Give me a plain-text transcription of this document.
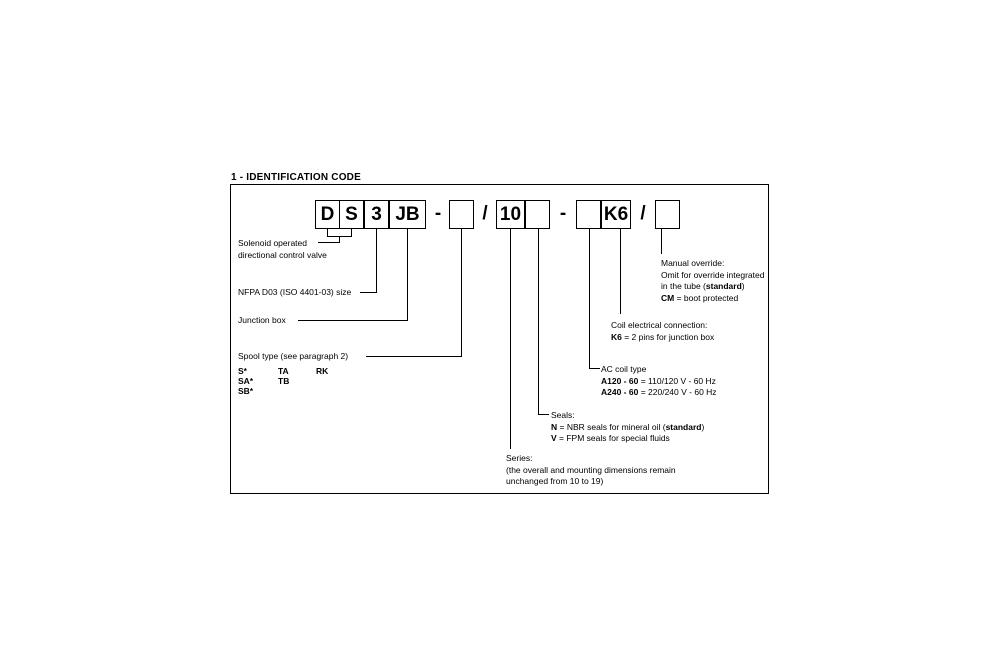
1 - IDENTIFICATION CODE
D S 3 JB -	/ 10	-	K6 /
Solenoid operated
directional control valve
NFPA D03 (ISO 4401-03) size
Junction box
Spool type (see paragraph 2)
S*
SA*
SB*
TA
TB
RK
Series:
(the overall and mounting dimensions remain
unchanged from 10 to 19)
Seals:
N = NBR seals for mineral oil (standard)
V = FPM seals for special fluids
AC coil type
A120 - 60 = 110/120 V - 60 Hz
A240 - 60 = 220/240 V - 60 Hz
Coil electrical connection:
K6 = 2 pins for junction box
Manual override:
Omit for override integrated
in the tube (standard)
CM = boot protected
